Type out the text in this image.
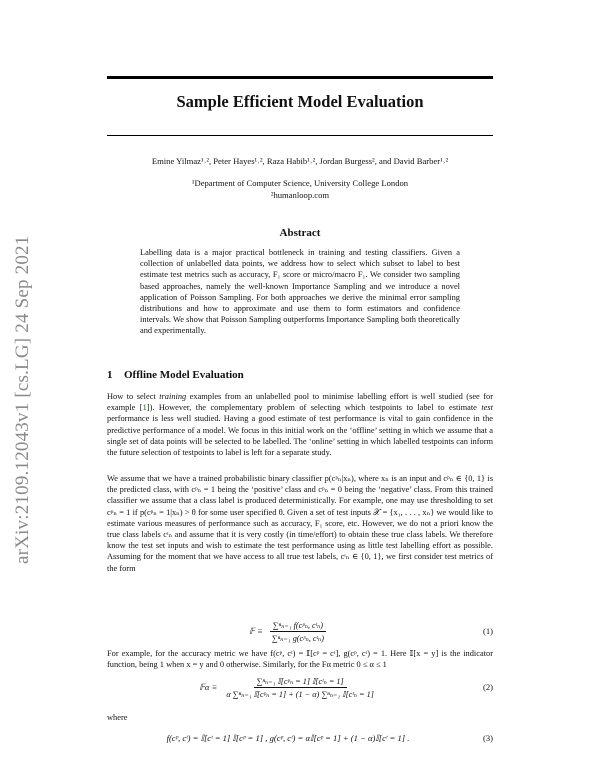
arXiv:2109.12043v1 [cs.LG] 24 Sep 2021
Sample Efficient Model Evaluation
Emine Yilmaz¹˒², Peter Hayes¹˒², Raza Habib¹˒², Jordan Burgess², and David Barber¹˒²
¹Department of Computer Science, University College London
²humanloop.com
Abstract

Labelling data is a major practical bottleneck in training and testing classifiers. Given a collection of unlabelled data points, we address how to select which subset to label to best estimate test metrics such as accuracy, F₁ score or micro/macro F₁. We consider two sampling based approaches, namely the well-known Importance Sampling and we introduce a novel application of Poisson Sampling. For both approaches we derive the minimal error sampling distributions and how to approximate and use them to form estimators and confidence intervals. We show that Poisson Sampling outperforms Importance Sampling both theoretically and experimentally.

1 Offline Model Evaluation

How to select training examples from an unlabelled pool to minimise labelling effort is well studied (see for example [1]). However, the complementary problem of selecting which testpoints to label to estimate test performance is less well studied. Having a good estimate of test performance is vital to gain confidence in the predictive performance of a model. We focus in this initial work on the ‘offline’ setting in which we assume that a single set of data points will be selected to be labelled. The ‘online’ setting in which labelled testpoints can inform the future selection of testpoints to label is left for a separate study.

We assume that we have a trained probabilistic binary classifier p(cᵖₙ|xₙ), where xₙ is an input and cᵖₙ ∈ {0, 1} is the predicted class, with cᵖₙ = 1 being the ‘positive’ class and cᵖₙ = 0 being the ‘negative’ class. From this trained classifier we assume that a class label is produced deterministically. For example, one may use thresholding to set cᵖₙ = 1 if p(cᵖₙ = 1|xₙ) > θ for some user specified θ. Given a set of test inputs 𝒳 = {x₁, . . . , xₙ} we would like to estimate various measures of performance such as accuracy, F₁ score, etc. However, we do not a priori know the true class labels cᵗₙ and assume that it is very costly (in time/effort) to obtain these true class labels. We therefore know the test set inputs and wish to estimate the test performance using as little test labelling effort as possible. Assuming for the moment that we have access to all true test labels, cᵗₙ ∈ {0, 1}, we first consider test metrics of the form

𝔽 ≡ $\frac{\text{∑ⁿₙ₌₁ f(cᵖₙ, cᵗₙ)}}{\text{∑ⁿₙ₌₁ g(cᵖₙ, cᵗₙ)}}$	(1)

For example, for the accuracy metric we have f(cᵖ, cᵗ) = 𝕀[cᵖ = cᵗ], g(cᵖ, cᵗ) = 1. Here 𝕀[x = y] is the indicator function, being 1 when x = y and 0 otherwise. Similarly, for the Fα metric 0 ≤ α ≤ 1

𝔽α ≡ $\frac{\text{∑ⁿₙ₌₁ 𝕀[cᵖₙ = 1] 𝕀[cᵗₙ = 1]}}{\text{α ∑ⁿₙ₌₁ 𝕀[cᵖₙ = 1] + (1 − α) ∑ⁿₙ₌₁ 𝕀[cᵗₙ = 1]}}$	(2)

where

f(cᵖ, cᵗ) = 𝕀[cᵗ = 1] 𝕀[cᵖ = 1] , g(cᵖ, cᵗ) = α𝕀[cᵖ = 1] + (1 − α)𝕀[cᵗ = 1] .	(3)
